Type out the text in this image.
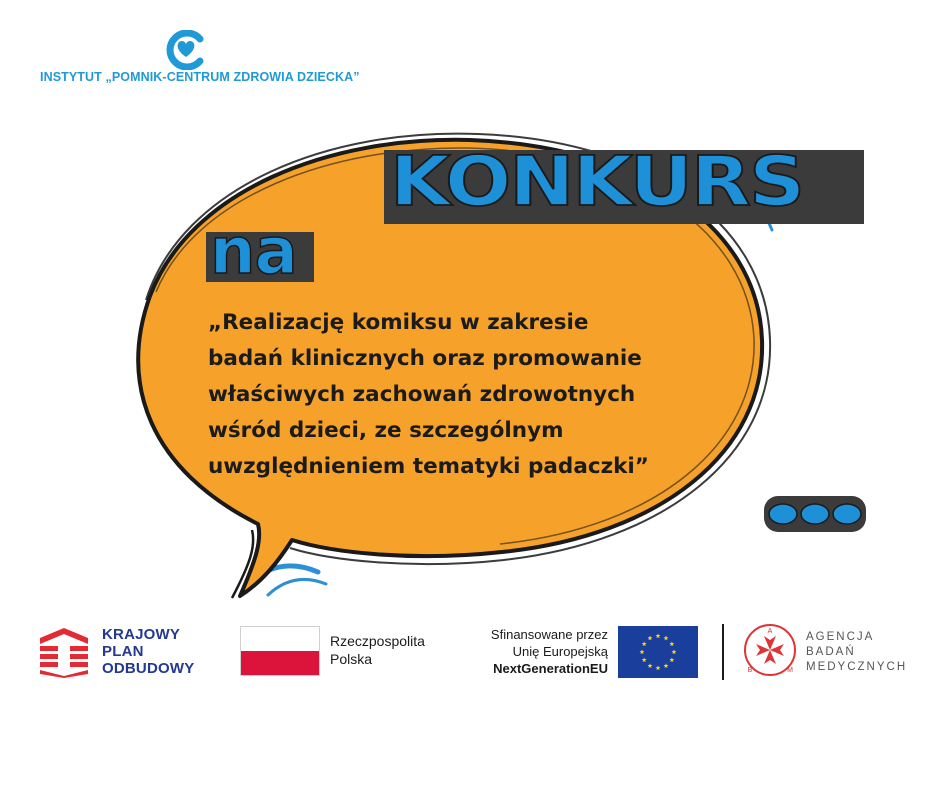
INSTYTUT „POMNIK-CENTRUM ZDROWIA DZIECKA”
KONKURS
na
„Realizację komiksu w zakresie
badań klinicznych oraz promowanie
właściwych zachowań zdrowotnych
wśród dzieci, ze szczególnym
uwzględnieniem tematyki padaczki”
KRAJOWY
PLAN
ODBUDOWY
Rzeczpospolita
Polska
Sfinansowane przez
Unię Europejską
NextGenerationEU
A
B	M
AGENCJA
BADAŃ
MEDYCZNYCH
